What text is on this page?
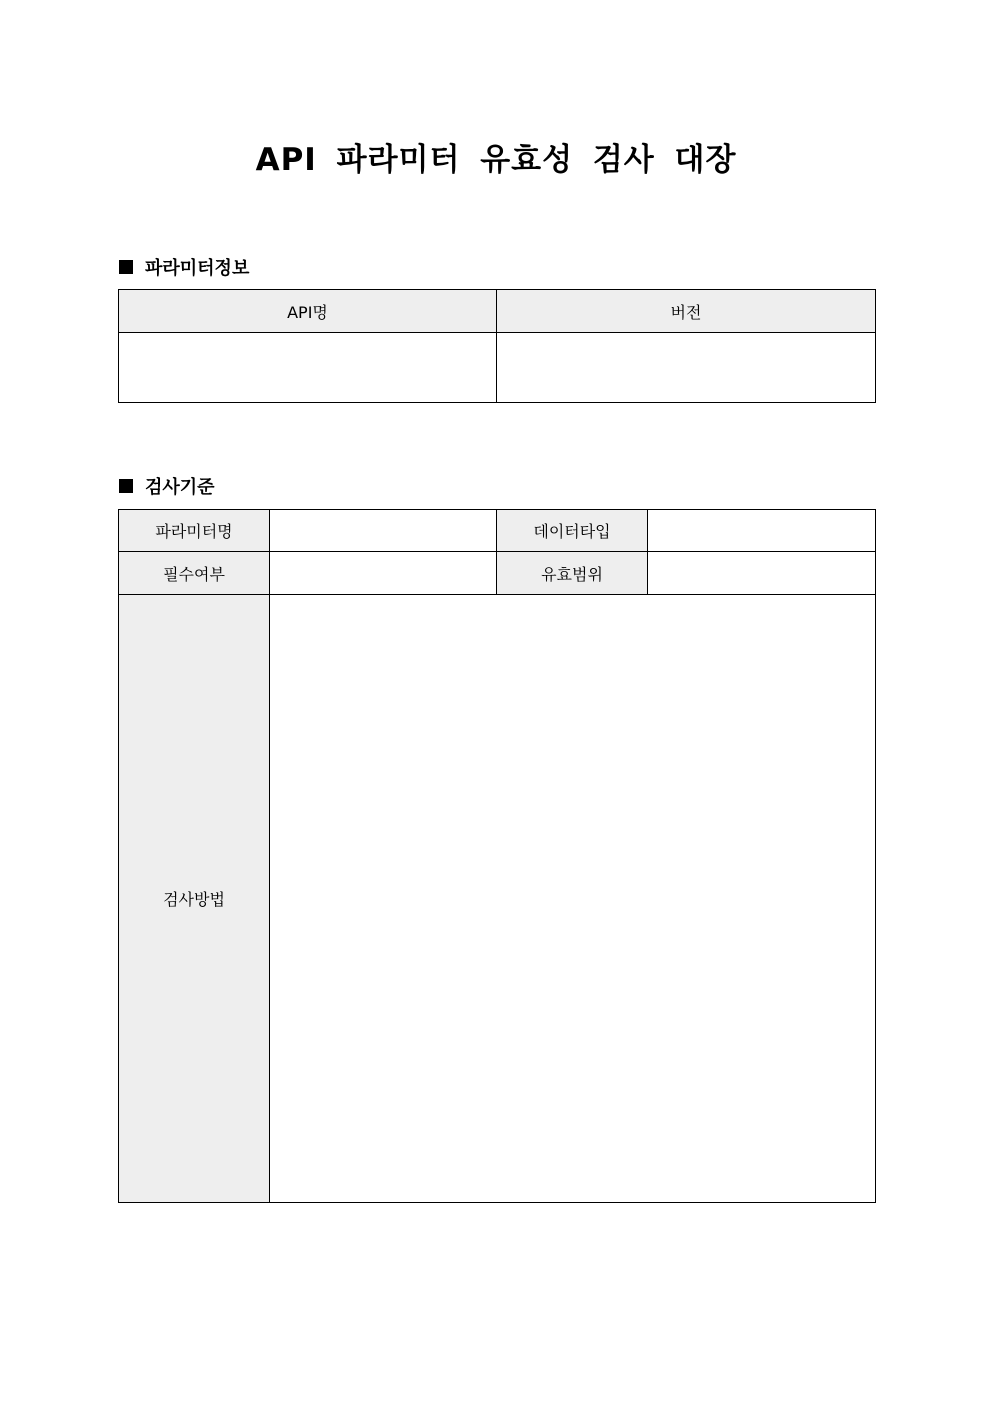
API 파라미터 유효성 검사 대장
파라미터정보
API명	버전

검사기준
파라미터명		데이터타입	
필수여부		유효범위	
검사방법			
